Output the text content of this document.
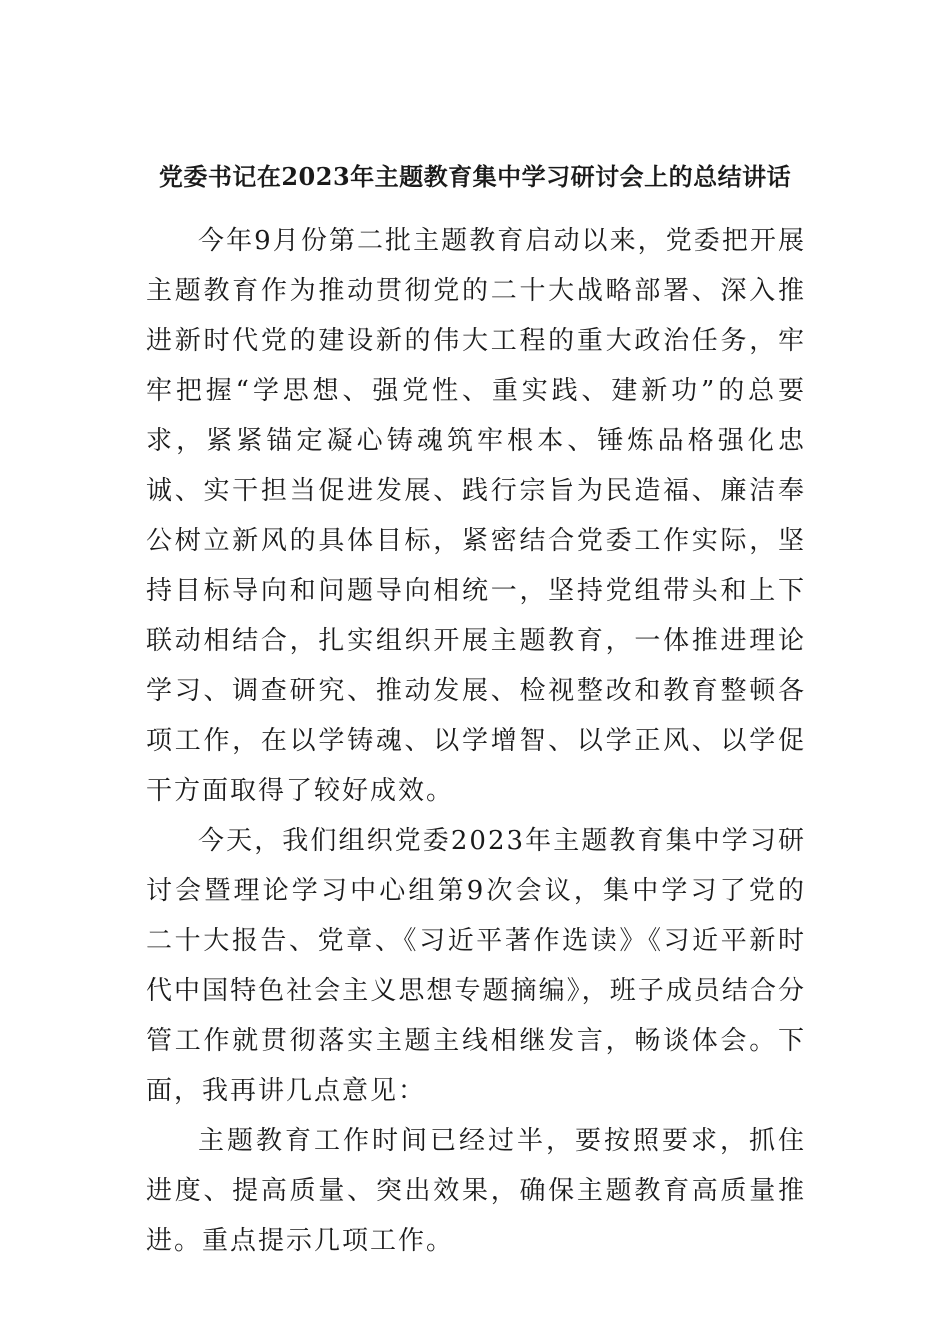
党委书记在2023年主题教育集中学习研讨会上的总结讲话

今年9月份第二批主题教育启动以来，党委把开展主题教育作为推动贯彻党的二十大战略部署、深入推进新时代党的建设新的伟大工程的重大政治任务，牢牢把握“学思想、强党性、重实践、建新功”的总要求，紧紧锚定凝心铸魂筑牢根本、锤炼品格强化忠诚、实干担当促进发展、践行宗旨为民造福、廉洁奉公树立新风的具体目标，紧密结合党委工作实际，坚持目标导向和问题导向相统一，坚持党组带头和上下联动相结合，扎实组织开展主题教育，一体推进理论学习、调查研究、推动发展、检视整改和教育整顿各项工作，在以学铸魂、以学增智、以学正风、以学促干方面取得了较好成效。

今天，我们组织党委2023年主题教育集中学习研讨会暨理论学习中心组第9次会议，集中学习了党的二十大报告、党章、《习近平著作选读》《习近平新时代中国特色社会主义思想专题摘编》，班子成员结合分管工作就贯彻落实主题主线相继发言，畅谈体会。下面，我再讲几点意见：

主题教育工作时间已经过半，要按照要求，抓住进度、提高质量、突出效果，确保主题教育高质量推进。重点提示几项工作。
